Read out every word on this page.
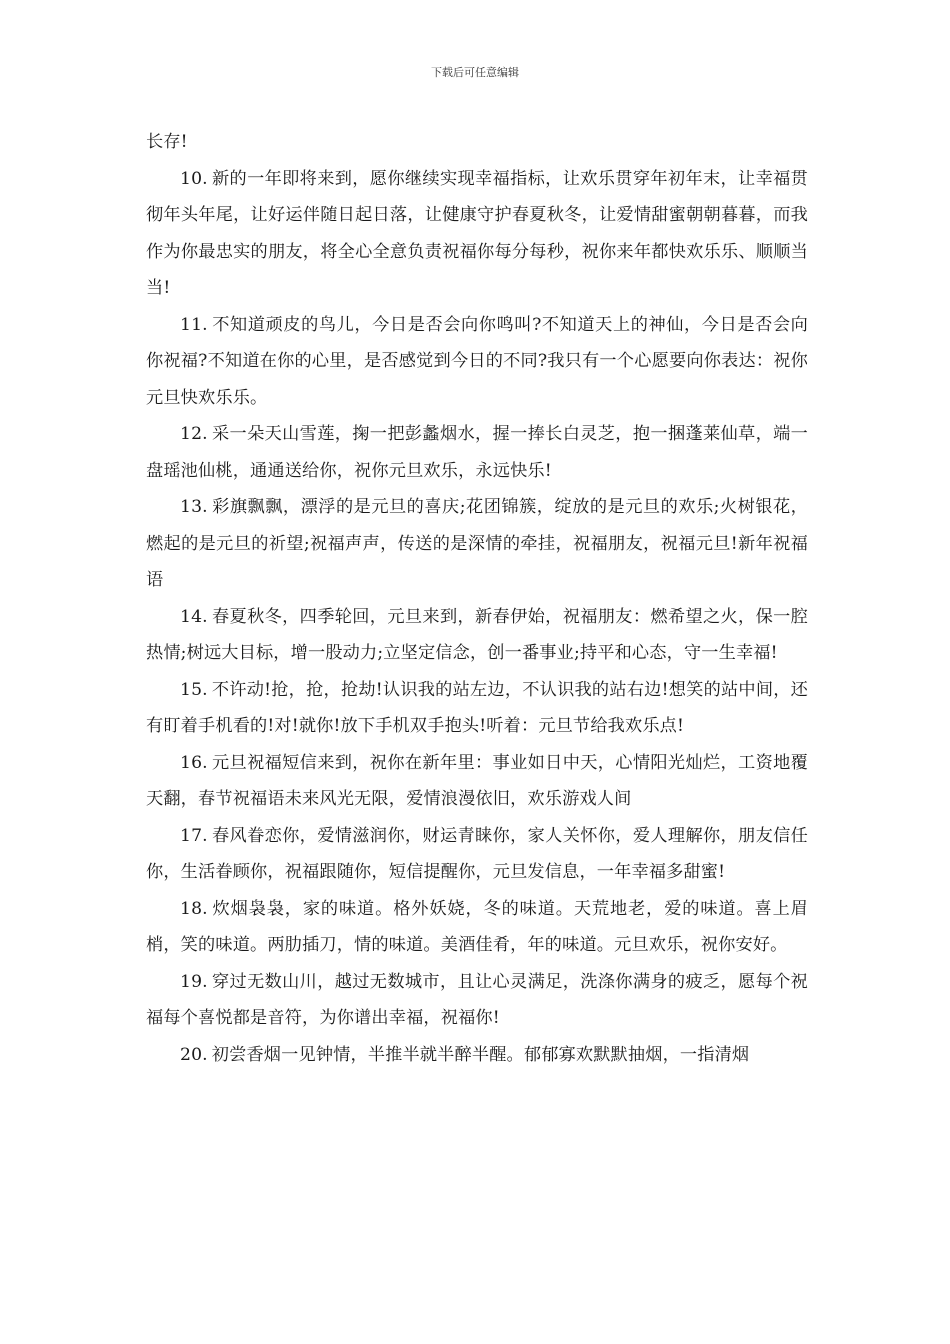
下载后可任意编辑

长存!

10. 新的一年即将来到，愿你继续实现幸福指标，让欢乐贯穿年初年末，让幸福贯彻年头年尾，让好运伴随日起日落，让健康守护春夏秋冬，让爱情甜蜜朝朝暮暮，而我作为你最忠实的朋友，将全心全意负责祝福你每分每秒，祝你来年都快欢乐乐、顺顺当当!

11. 不知道顽皮的鸟儿，今日是否会向你鸣叫?不知道天上的神仙，今日是否会向你祝福?不知道在你的心里，是否感觉到今日的不同?我只有一个心愿要向你表达：祝你元旦快欢乐乐。

12. 采一朵天山雪莲，掬一把彭蠡烟水，握一捧长白灵芝，抱一捆蓬莱仙草，端一盘瑶池仙桃，通通送给你，祝你元旦欢乐，永远快乐!

13. 彩旗飘飘，漂浮的是元旦的喜庆;花团锦簇，绽放的是元旦的欢乐;火树银花，燃起的是元旦的祈望;祝福声声，传送的是深情的牵挂，祝福朋友，祝福元旦!新年祝福语

14. 春夏秋冬，四季轮回，元旦来到，新春伊始，祝福朋友：燃希望之火，保一腔热情;树远大目标，增一股动力;立坚定信念，创一番事业;持平和心态，守一生幸福!

15. 不许动!抢，抢，抢劫!认识我的站左边，不认识我的站右边!想笑的站中间，还有盯着手机看的!对!就你!放下手机双手抱头!听着：元旦节给我欢乐点!

16. 元旦祝福短信来到，祝你在新年里：事业如日中天，心情阳光灿烂，工资地覆天翻，春节祝福语未来风光无限，爱情浪漫依旧，欢乐游戏人间

17. 春风眷恋你，爱情滋润你，财运青睐你，家人关怀你，爱人理解你，朋友信任你，生活眷顾你，祝福跟随你，短信提醒你，元旦发信息，一年幸福多甜蜜!

18. 炊烟袅袅，家的味道。格外妖娆，冬的味道。天荒地老，爱的味道。喜上眉梢，笑的味道。两肋插刀，情的味道。美酒佳肴，年的味道。元旦欢乐，祝你安好。

19. 穿过无数山川，越过无数城市，且让心灵满足，洗涤你满身的疲乏，愿每个祝福每个喜悦都是音符，为你谱出幸福，祝福你!

20. 初尝香烟一见钟情，半推半就半醉半醒。郁郁寡欢默默抽烟，一指清烟
